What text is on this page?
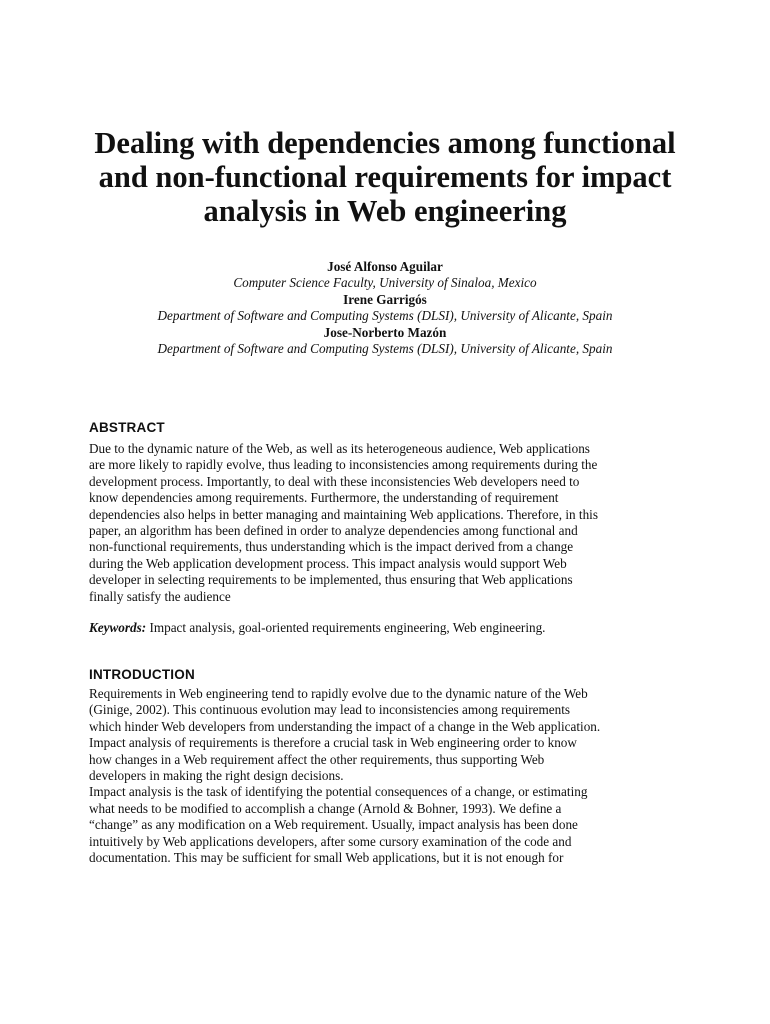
Dealing with dependencies among functional
and non-functional requirements for impact
analysis in Web engineering
José Alfonso Aguilar
Computer Science Faculty, University of Sinaloa, Mexico
Irene Garrigós
Department of Software and Computing Systems (DLSI), University of Alicante, Spain
Jose-Norberto Mazón
Department of Software and Computing Systems (DLSI), University of Alicante, Spain
ABSTRACT
Due to the dynamic nature of the Web, as well as its heterogeneous audience, Web applications
are more likely to rapidly evolve, thus leading to inconsistencies among requirements during the
development process. Importantly, to deal with these inconsistencies Web developers need to
know dependencies among requirements. Furthermore, the understanding of requirement
dependencies also helps in better managing and maintaining Web applications. Therefore, in this
paper, an algorithm has been defined in order to analyze dependencies among functional and
non-functional requirements, thus understanding which is the impact derived from a change
during the Web application development process. This impact analysis would support Web
developer in selecting requirements to be implemented, thus ensuring that Web applications
finally satisfy the audience
Keywords: Impact analysis, goal-oriented requirements engineering, Web engineering.
INTRODUCTION
Requirements in Web engineering tend to rapidly evolve due to the dynamic nature of the Web
(Ginige, 2002). This continuous evolution may lead to inconsistencies among requirements
which hinder Web developers from understanding the impact of a change in the Web application.
Impact analysis of requirements is therefore a crucial task in Web engineering order to know
how changes in a Web requirement affect the other requirements, thus supporting Web
developers in making the right design decisions.
Impact analysis is the task of identifying the potential consequences of a change, or estimating
what needs to be modified to accomplish a change (Arnold & Bohner, 1993). We define a
“change” as any modification on a Web requirement. Usually, impact analysis has been done
intuitively by Web applications developers, after some cursory examination of the code and
documentation. This may be sufficient for small Web applications, but it is not enough for
